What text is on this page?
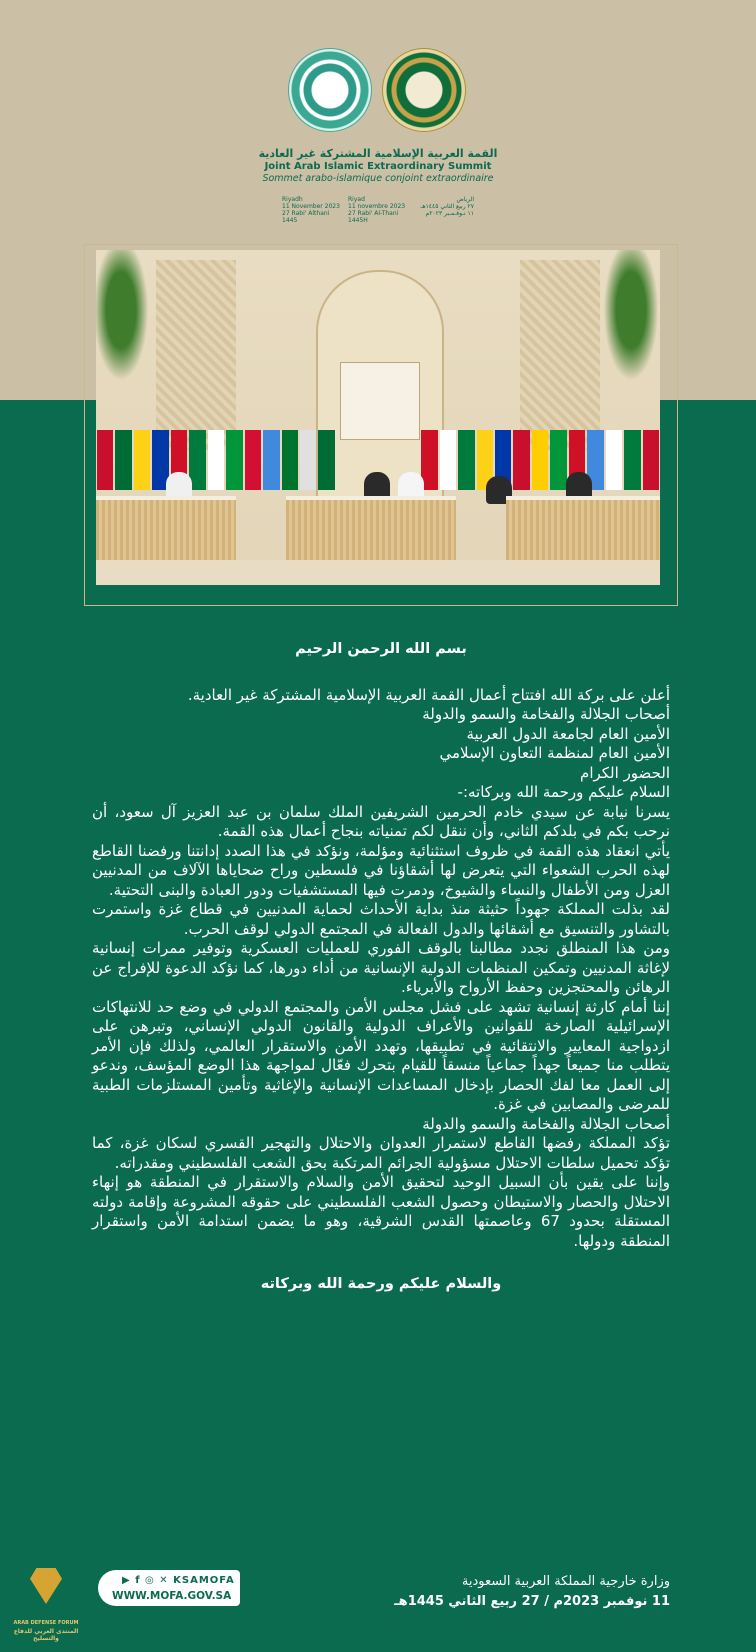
القمة العربية الإسلامية المشتركة غير العادية
Joint Arab Islamic Extraordinary Summit
Sommet arabo-islamique conjoint extraordinaire
Riyadh
11 November 2023
27 Rabi' Althani 1445
Riyad
11 novembre 2023
27 Rabi' Al-Thani 1445H
الرياض
٢٧ ربيع الثاني ١٤٤٥هـ
١١ نـوفـمـبر ٢٠٢٣م

بسم الله الرحمن الرحيم

أعلن على بركة الله افتتاح أعمال القمة العربية الإسلامية المشتركة غير العادية.

أصحاب الجلالة والفخامة والسمو والدولة

الأمين العام لجامعة الدول العربية

الأمين العام لمنظمة التعاون الإسلامي

الحضور الكرام

السلام عليكم ورحمة الله وبركاته:-

يسرنا نيابة عن سيدي خادم الحرمين الشريفين الملك سلمان بن عبد العزيز آل سعود، أن نرحب بكم في بلدكم الثاني، وأن ننقل لكم تمنياته بنجاح أعمال هذه القمة.

يأتي انعقاد هذه القمة في ظروف استثنائية ومؤلمة، ونؤكد في هذا الصدد إدانتنا ورفضنا القاطع لهذه الحرب الشعواء التي يتعرض لها أشقاؤنا في فلسطين وراح ضحاياها الآلاف من المدنيين العزل ومن الأطفال والنساء والشيوخ، ودمرت فيها المستشفيات ودور العبادة والبنى التحتية.

لقد بذلت المملكة جهوداً حثيثة منذ بداية الأحداث لحماية المدنيين في قطاع غزة واستمرت بالتشاور والتنسيق مع أشقائها والدول الفعالة في المجتمع الدولي لوقف الحرب.

ومن هذا المنطلق نجدد مطالبنا بالوقف الفوري للعمليات العسكرية وتوفير ممرات إنسانية لإغاثة المدنيين وتمكين المنظمات الدولية الإنسانية من أداء دورها، كما نؤكد الدعوة للإفراج عن الرهائن والمحتجزين وحفظ الأرواح والأبرياء.

إننا أمام كارثة إنسانية تشهد على فشل مجلس الأمن والمجتمع الدولي في وضع حد للانتهاكات الإسرائيلية الصارخة للقوانين والأعراف الدولية والقانون الدولي الإنساني، وتبرهن على ازدواجية المعايير والانتقائية في تطبيقها، وتهدد الأمن والاستقرار العالمي، ولذلك فإن الأمر يتطلب منا جميعاً جهداً جماعياً منسقاً للقيام بتحرك فعّال لمواجهة هذا الوضع المؤسف، وندعو إلى العمل معا لفك الحصار بإدخال المساعدات الإنسانية والإغاثية وتأمين المستلزمات الطبية للمرضى والمصابين في غزة.

أصحاب الجلالة والفخامة والسمو والدولة

تؤكد المملكة رفضها القاطع لاستمرار العدوان والاحتلال والتهجير القسري لسكان غزة، كما تؤكد تحميل سلطات الاحتلال مسؤولية الجرائم المرتكبة بحق الشعب الفلسطيني ومقدراته.

وإننا على يقين بأن السبيل الوحيد لتحقيق الأمن والسلام والاستقرار في المنطقة هو إنهاء الاحتلال والحصار والاستيطان وحصول الشعب الفلسطيني على حقوقه المشروعة وإقامة دولته المستقلة بحدود 67 وعاصمتها القدس الشرقية، وهو ما يضمن استدامة الأمن واستقرار المنطقة ودولها.

والسلام عليكم ورحمة الله وبركاته

▶ f ◎ ✕ KSAMOFA
WWW.MOFA.GOV.SA
وزارة خارجية المملكة العربية السعودية
11 نوفمبر 2023م / 27 ربيع الثاني 1445هـ
ARAB DEFENSE FORUM
المنتدى العربي للدفاع والتسليح
